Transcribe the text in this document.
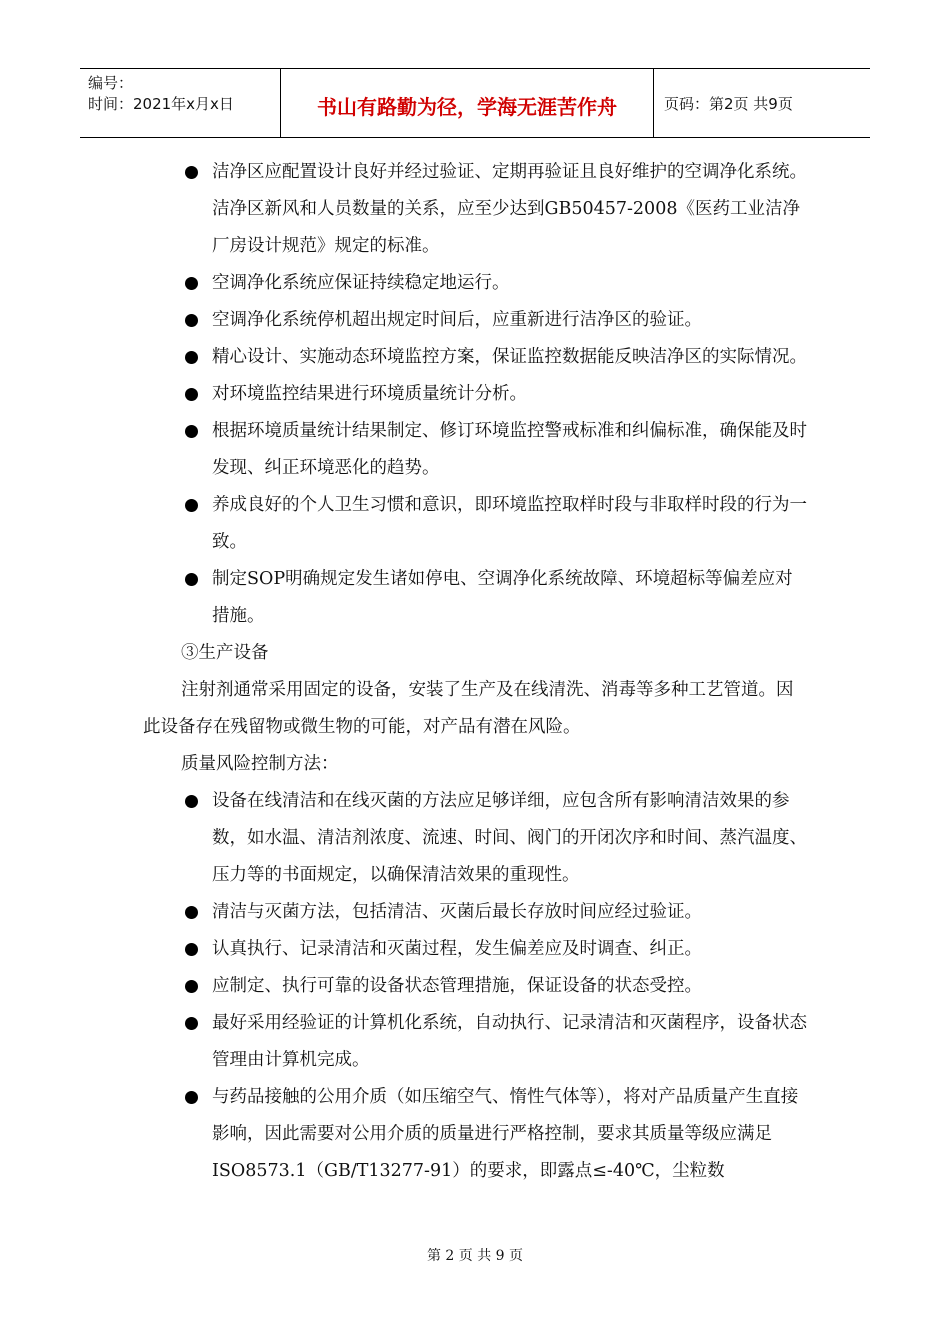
编号：
时间：2021年x月x日	书山有路勤为径，学海无涯苦作舟	页码：第2页 共9页
洁净区应配置设计良好并经过验证、定期再验证且良好维护的空调净化系统。洁净区新风和人员数量的关系，应至少达到GB50457-2008《医药工业洁净厂房设计规范》规定的标准。
空调净化系统应保证持续稳定地运行。
空调净化系统停机超出规定时间后，应重新进行洁净区的验证。
精心设计、实施动态环境监控方案，保证监控数据能反映洁净区的实际情况。
对环境监控结果进行环境质量统计分析。
根据环境质量统计结果制定、修订环境监控警戒标准和纠偏标准，确保能及时发现、纠正环境恶化的趋势。
养成良好的个人卫生习惯和意识，即环境监控取样时段与非取样时段的行为一致。
制定SOP明确规定发生诸如停电、空调净化系统故障、环境超标等偏差应对措施。
③生产设备
注射剂通常采用固定的设备，安装了生产及在线清洗、消毒等多种工艺管道。因此设备存在残留物或微生物的可能，对产品有潜在风险。
质量风险控制方法：
设备在线清洁和在线灭菌的方法应足够详细，应包含所有影响清洁效果的参数，如水温、清洁剂浓度、流速、时间、阀门的开闭次序和时间、蒸汽温度、压力等的书面规定，以确保清洁效果的重现性。
清洁与灭菌方法，包括清洁、灭菌后最长存放时间应经过验证。
认真执行、记录清洁和灭菌过程，发生偏差应及时调查、纠正。
应制定、执行可靠的设备状态管理措施，保证设备的状态受控。
最好采用经验证的计算机化系统，自动执行、记录清洁和灭菌程序，设备状态管理由计算机完成。
与药品接触的公用介质（如压缩空气、惰性气体等），将对产品质量产生直接影响，因此需要对公用介质的质量进行严格控制，要求其质量等级应满足ISO8573.1（GB/T13277-91）的要求，即露点≤-40℃，尘粒数
第 2 页 共 9 页
